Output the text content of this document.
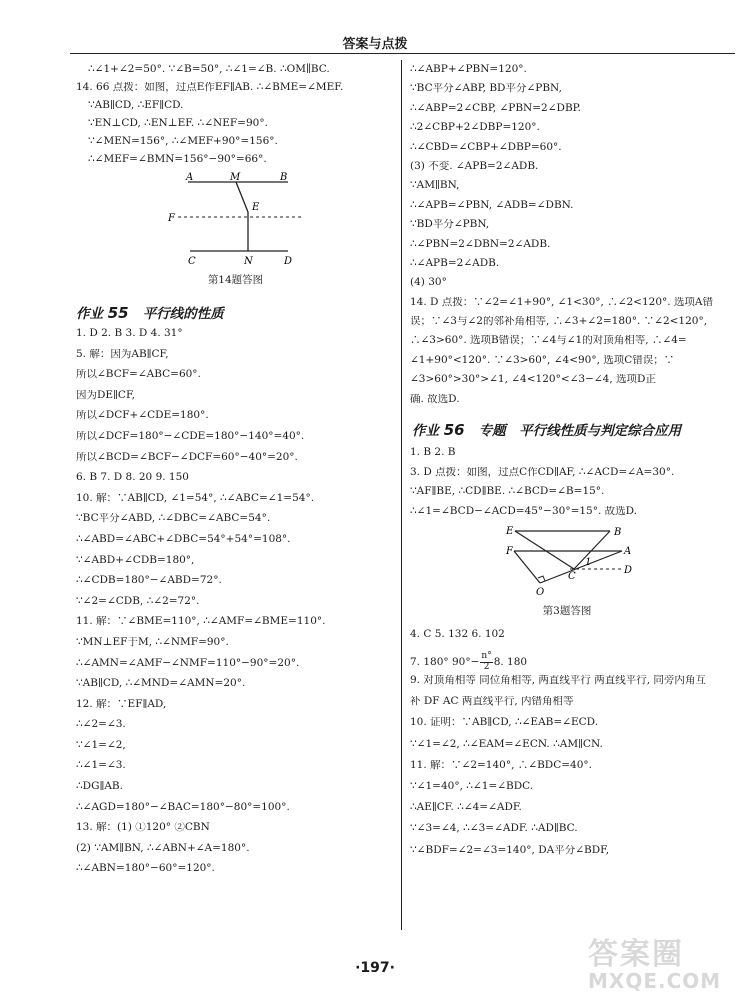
答案与点拨
∴∠1+∠2=50°. ∵∠B=50°, ∴∠1=∠B. ∴OM∥BC.
14. 66 点拨：如图，过点E作EF∥AB. ∴∠BME=∠MEF.
∵AB∥CD, ∴EF∥CD.
∵EN⊥CD, ∴EN⊥EF. ∴∠NEF=90°.
∵∠MEN=156°, ∴∠MEF+90°=156°.
∴∠MEF=∠BMN=156°−90°=66°.
A	M	B
F
E
C	N	D
第14题答图
作业 55 平行线的性质
1. D 2. B 3. D 4. 31°
5. 解：因为AB∥CF,
所以∠BCF=∠ABC=60°.
因为DE∥CF,
所以∠DCF+∠CDE=180°.
所以∠DCF=180°−∠CDE=180°−140°=40°.
所以∠BCD=∠BCF−∠DCF=60°−40°=20°.
6. B 7. D 8. 20 9. 150
10. 解：∵AB∥CD, ∠1=54°, ∴∠ABC=∠1=54°.
∵BC平分∠ABD, ∴∠DBC=∠ABC=54°.
∴∠ABD=∠ABC+∠DBC=54°+54°=108°.
∵∠ABD+∠CDB=180°,
∴∠CDB=180°−∠ABD=72°.
∵∠2=∠CDB, ∴∠2=72°.
11. 解：∵∠BME=110°, ∴∠AMF=∠BME=110°.
∵MN⊥EF于M, ∴∠NMF=90°.
∴∠AMN=∠AMF−∠NMF=110°−90°=20°.
∵AB∥CD, ∴∠MND=∠AMN=20°.
12. 解：∵EF∥AD,
∴∠2=∠3.
∵∠1=∠2,
∴∠1=∠3.
∴DG∥AB.
∴∠AGD=180°−∠BAC=180°−80°=100°.
13. 解：(1) ①120° ②CBN
(2) ∵AM∥BN, ∴∠ABN+∠A=180°.
∴∠ABN=180°−60°=120°.
∴∠ABP+∠PBN=120°.
∵BC平分∠ABP, BD平分∠PBN,
∴∠ABP=2∠CBP, ∠PBN=2∠DBP.
∴2∠CBP+2∠DBP=120°.
∴∠CBD=∠CBP+∠DBP=60°.
(3) 不变. ∠APB=2∠ADB.
∵AM∥BN,
∴∠APB=∠PBN, ∠ADB=∠DBN.
∵BD平分∠PBN,
∴∠PBN=2∠DBN=2∠ADB.
∴∠APB=2∠ADB.
(4) 30°
14. D 点拨：∵∠2=∠1+90°, ∠1<30°, ∴∠2<120°. 选项A错
误；∵∠3与∠2的邻补角相等, ∴∠3+∠2=180°. ∵∠2<120°,
∴∠3>60°. 选项B错误；∵∠4与∠1的对顶角相等, ∴∠4=
∠1+90°<120°. ∵∠3>60°, ∠4<90°, 选项C错误；∵
∠3>60°>30°>∠1, ∠4<120°<∠3−∠4, 选项D正
确. 故选D.
作业 56 专题　平行线性质与判定综合应用
1. B 2. B
3. D 点拨：如图，过点C作CD∥AF, ∴∠ACD=∠A=30°.
∵AF∥BE, ∴CD∥BE. ∴∠BCD=∠B=15°.
∴∠1=∠BCD−∠ACD=45°−30°=15°. 故选D.
E	B
F	A
C
D
O
1
第3题答图
4. C 5. 132 6. 102
7. 180° $90^\circ- \frac{n^\circ}{2} 8$. 180
9. 对顶角相等 同位角相等, 两直线平行 两直线平行, 同旁内角互
补 DF AC 两直线平行, 内错角相等
10. 证明：∵AB∥CD, ∴∠EAB=∠ECD.
∵∠1=∠2, ∴∠EAM=∠ECN. ∴AM∥CN.
11. 解：∵∠2=140°, ∴∠BDC=40°.
∵∠1=40°, ∴∠1=∠BDC.
∴AE∥CF. ∴∠4=∠ADF.
∵∠3=∠4, ∴∠3=∠ADF. ∴AD∥BC.
∵∠BDF=∠2=∠3=140°, DA平分∠BDF,
·197·	答案圈
MXQE.COM
